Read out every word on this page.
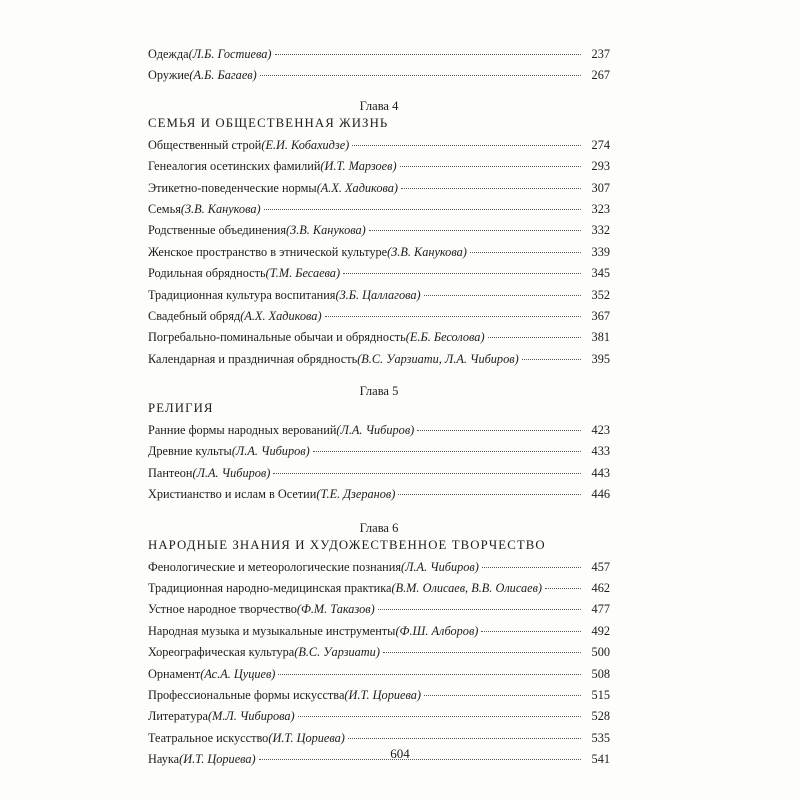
Одежда (Л.Б. Гостиева)	237
Оружие (А.Б. Багаев)	267
Глава 4
СЕМЬЯ И ОБЩЕСТВЕННАЯ ЖИЗНЬ
Общественный строй (Е.И. Кобахидзе)	274
Генеалогия осетинских фамилий (И.Т. Марзоев)	293
Этикетно-поведенческие нормы (А.Х. Хадикова)	307
Семья (З.В. Канукова)	323
Родственные объединения (З.В. Канукова)	332
Женское пространство в этнической культуре (З.В. Канукова)	339
Родильная обрядность (Т.М. Бесаева)	345
Традиционная культура воспитания (З.Б. Цаллагова)	352
Свадебный обряд (А.Х. Хадикова)	367
Погребально-поминальные обычаи и обрядность (Е.Б. Бесолова)	381
Календарная и праздничная обрядность (В.С. Уарзиати, Л.А. Чибиров)	395
Глава 5
РЕЛИГИЯ
Ранние формы народных верований (Л.А. Чибиров)	423
Древние культы (Л.А. Чибиров)	433
Пантеон (Л.А. Чибиров)	443
Христианство и ислам в Осетии (Т.Е. Дзеранов)	446
Глава 6
НАРОДНЫЕ ЗНАНИЯ И ХУДОЖЕСТВЕННОЕ ТВОРЧЕСТВО
Фенологические и метеорологические познания (Л.А. Чибиров)	457
Традиционная народно-медицинская практика (В.М. Олисаев, В.В. Олисаев)	462
Устное народное творчество (Ф.М. Таказов)	477
Народная музыка и музыкальные инструменты (Ф.Ш. Алборов)	492
Хореографическая культура (В.С. Уарзиати)	500
Орнамент (Ас.А. Цуциев)	508
Профессиональные формы искусства (И.Т. Цориева)	515
Литература (М.Л. Чибирова)	528
Театральное искусство (И.Т. Цориева)	535
Наука (И.Т. Цориева)	541
604
